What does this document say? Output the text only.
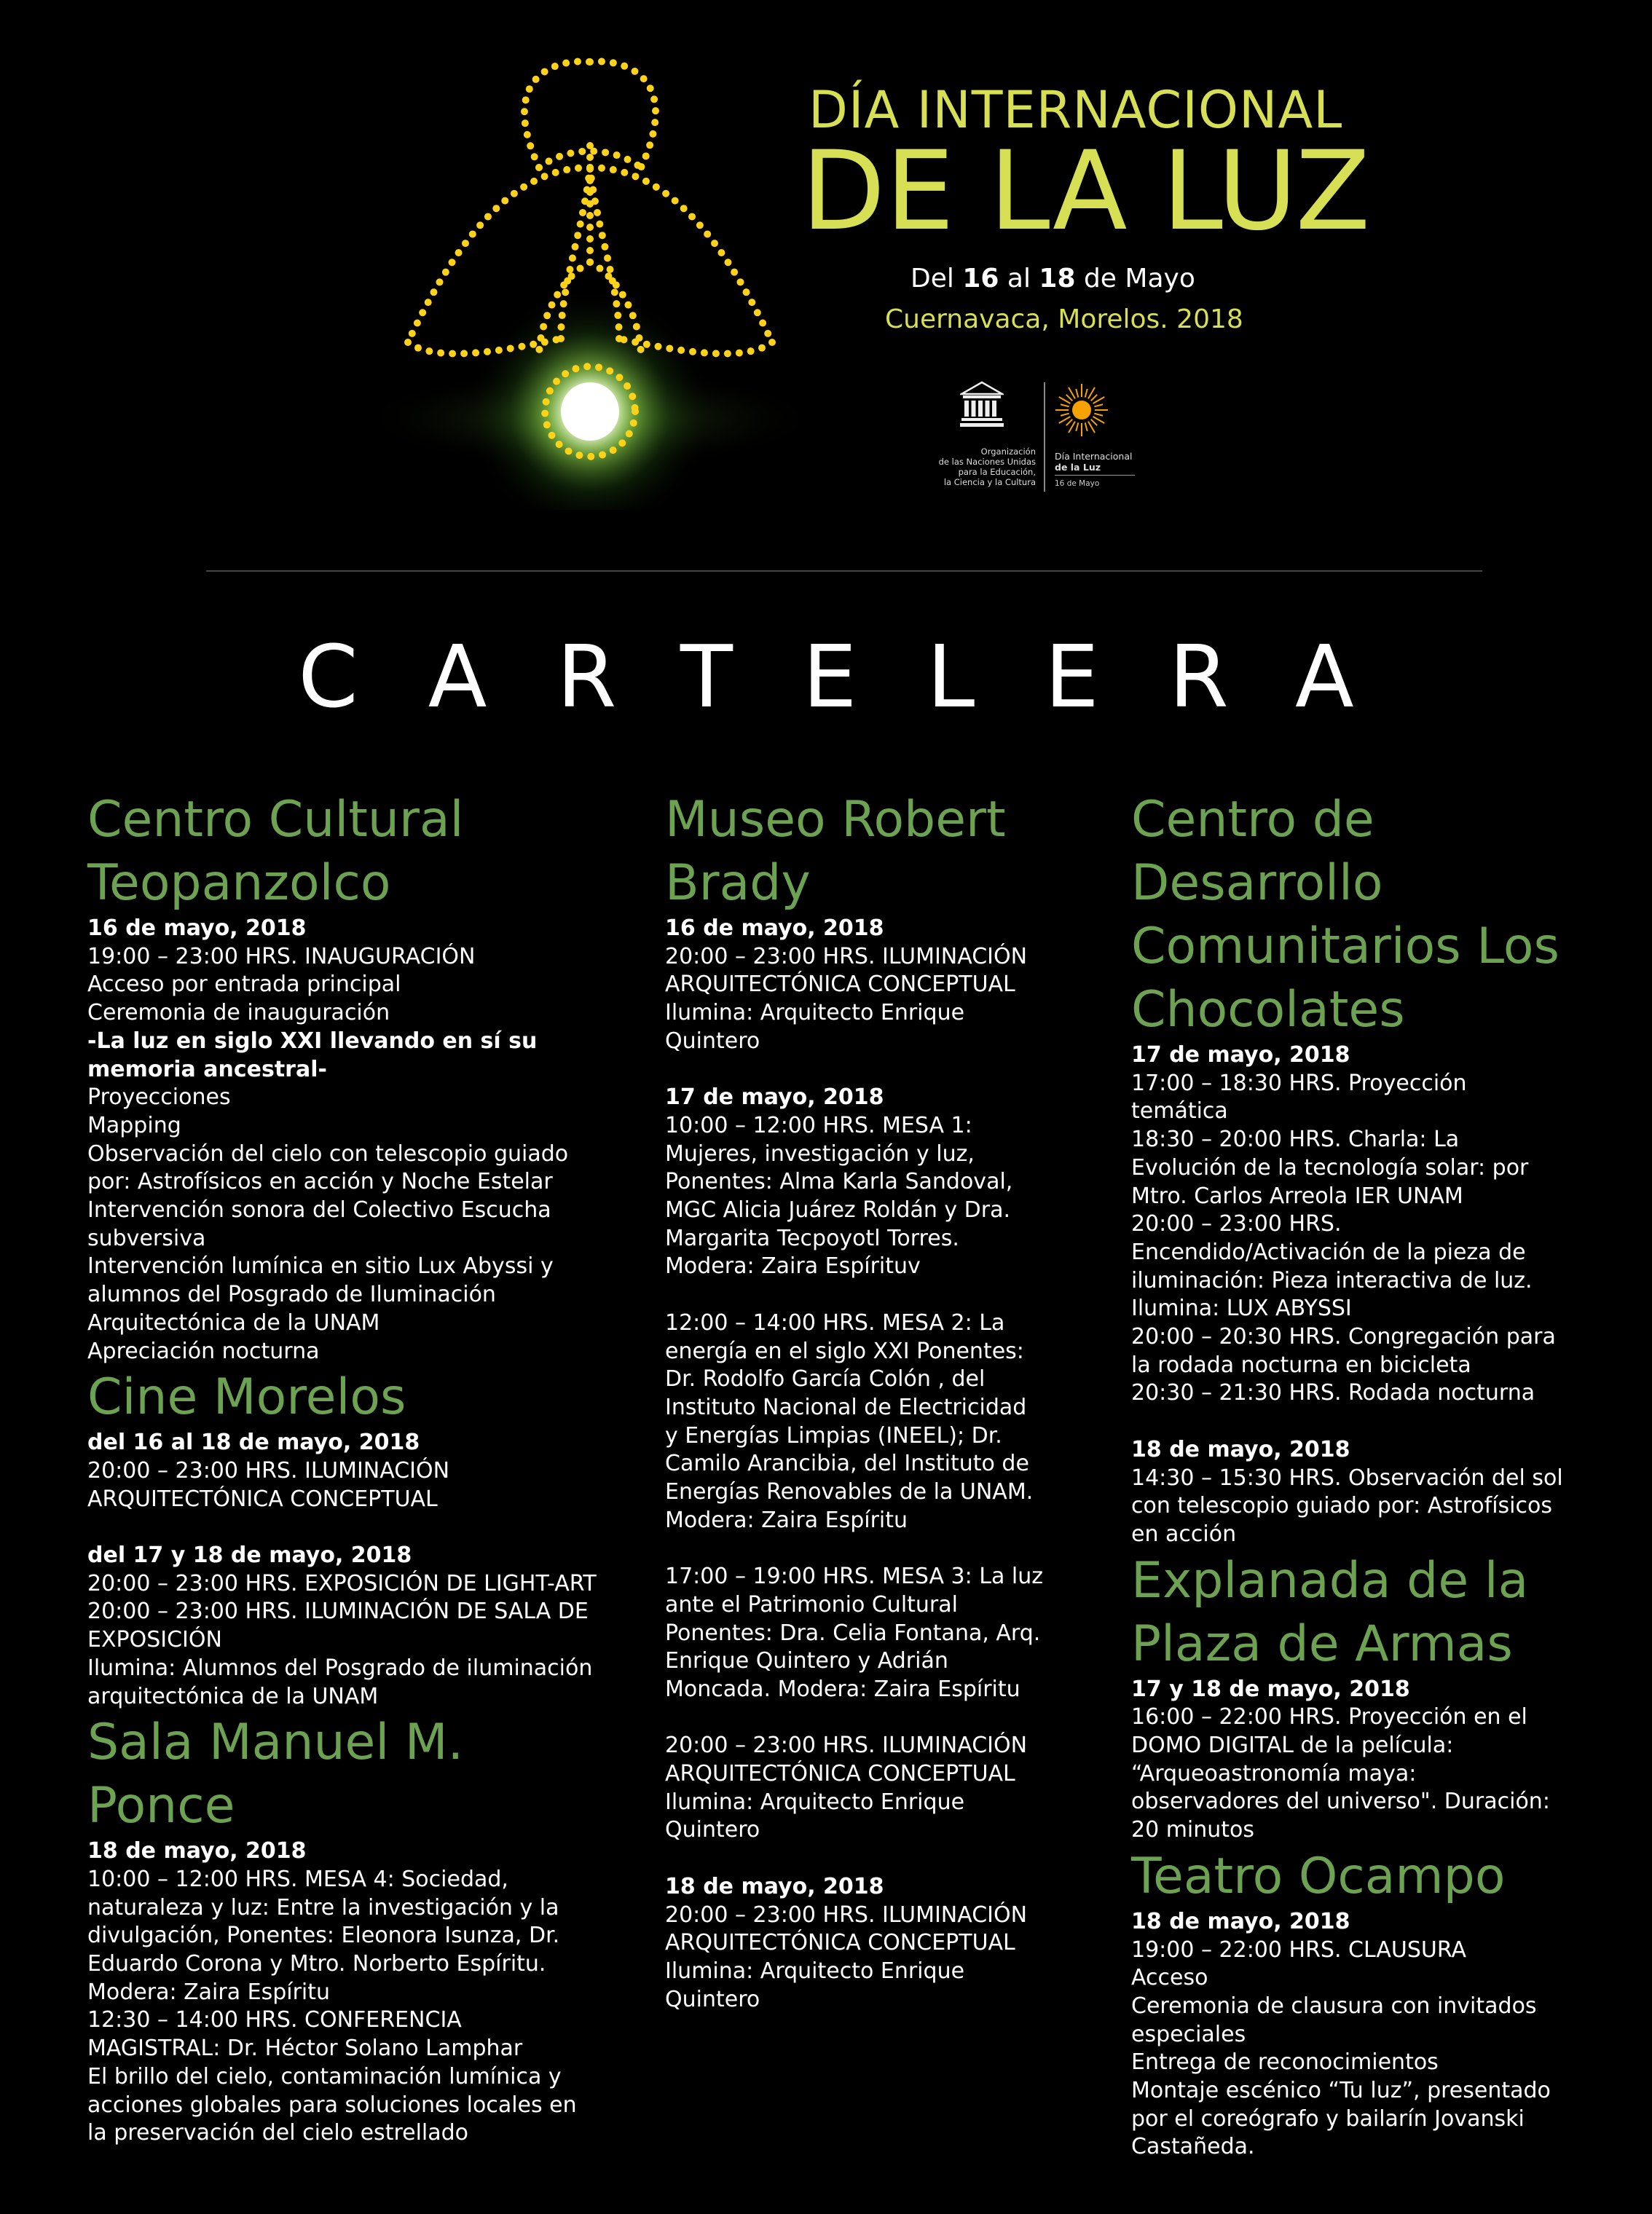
DÍA INTERNACIONAL
DE LA LUZ
Del 16 al 18 de Mayo
Cuernavaca, Morelos. 2018
Organización
de las Naciones Unidas
para la Educación,
la Ciencia y la Cultura
Día Internacional
de la Luz
16 de Mayo
CARTELERA
Centro Cultural Teopanzolco
16 de mayo, 2018
19:00 – 23:00 HRS. INAUGURACIÓN
Acceso por entrada principal
Ceremonia de inauguración
-La luz en siglo XXI llevando en sí su memoria ancestral-
Proyecciones
Mapping
Observación del cielo con telescopio guiado por: Astrofísicos en acción y Noche Estelar
Intervención sonora del Colectivo Escucha subversiva
Intervención lumínica en sitio Lux Abyssi y alumnos del Posgrado de Iluminación Arquitectónica de la UNAM
Apreciación nocturna
Cine Morelos
del 16 al 18 de mayo, 2018
20:00 – 23:00 HRS. ILUMINACIÓN ARQUITECTÓNICA CONCEPTUAL
del 17 y 18 de mayo, 2018
20:00 – 23:00 HRS. EXPOSICIÓN DE LIGHT-ART
20:00 – 23:00 HRS. ILUMINACIÓN DE SALA DE EXPOSICIÓN
Ilumina: Alumnos del Posgrado de iluminación arquitectónica de la UNAM
Sala Manuel M. Ponce
18 de mayo, 2018
10:00 – 12:00 HRS. MESA 4: Sociedad, naturaleza y luz: Entre la investigación y la divulgación, Ponentes: Eleonora Isunza, Dr. Eduardo Corona y Mtro. Norberto Espíritu. Modera: Zaira Espíritu
12:30 – 14:00 HRS. CONFERENCIA MAGISTRAL: Dr. Héctor Solano Lamphar
El brillo del cielo, contaminación lumínica y acciones globales para soluciones locales en la preservación del cielo estrellado
Museo Robert Brady
16 de mayo, 2018
20:00 – 23:00 HRS. ILUMINACIÓN ARQUITECTÓNICA CONCEPTUAL
Ilumina: Arquitecto Enrique Quintero
17 de mayo, 2018
10:00 – 12:00 HRS. MESA 1: Mujeres, investigación y luz, Ponentes: Alma Karla Sandoval, MGC Alicia Juárez Roldán y Dra. Margarita Tecpoyotl Torres. Modera: Zaira Espírituv
12:00 – 14:00 HRS. MESA 2: La energía en el siglo XXI Ponentes: Dr. Rodolfo García Colón , del Instituto Nacional de Electricidad y Energías Limpias (INEEL); Dr. Camilo Arancibia, del Instituto de Energías Renovables de la UNAM. Modera: Zaira Espíritu
17:00 – 19:00 HRS. MESA 3: La luz ante el Patrimonio Cultural Ponentes: Dra. Celia Fontana, Arq. Enrique Quintero y Adrián Moncada. Modera: Zaira Espíritu
20:00 – 23:00 HRS. ILUMINACIÓN ARQUITECTÓNICA CONCEPTUAL
Ilumina: Arquitecto Enrique Quintero
18 de mayo, 2018
20:00 – 23:00 HRS. ILUMINACIÓN ARQUITECTÓNICA CONCEPTUAL
Ilumina: Arquitecto Enrique Quintero
Centro de Desarrollo Comunitarios Los Chocolates
17 de mayo, 2018
17:00 – 18:30 HRS. Proyección temática
18:30 – 20:00 HRS. Charla: La Evolución de la tecnología solar: por Mtro. Carlos Arreola IER UNAM
20:00 – 23:00 HRS. Encendido/Activación de la pieza de iluminación: Pieza interactiva de luz. Ilumina: LUX ABYSSI
20:00 – 20:30 HRS. Congregación para la rodada nocturna en bicicleta
20:30 – 21:30 HRS. Rodada nocturna
18 de mayo, 2018
14:30 – 15:30 HRS. Observación del sol con telescopio guiado por: Astrofísicos en acción
Explanada de la Plaza de Armas
17 y 18 de mayo, 2018
16:00 – 22:00 HRS. Proyección en el DOMO DIGITAL de la película: “Arqueoastronomía maya: observadores del universo". Duración: 20 minutos
Teatro Ocampo
18 de mayo, 2018
19:00 – 22:00 HRS. CLAUSURA
Acceso
Ceremonia de clausura con invitados especiales
Entrega de reconocimientos
Montaje escénico “Tu luz”, presentado por el coreógrafo y bailarín Jovanski Castañeda.
